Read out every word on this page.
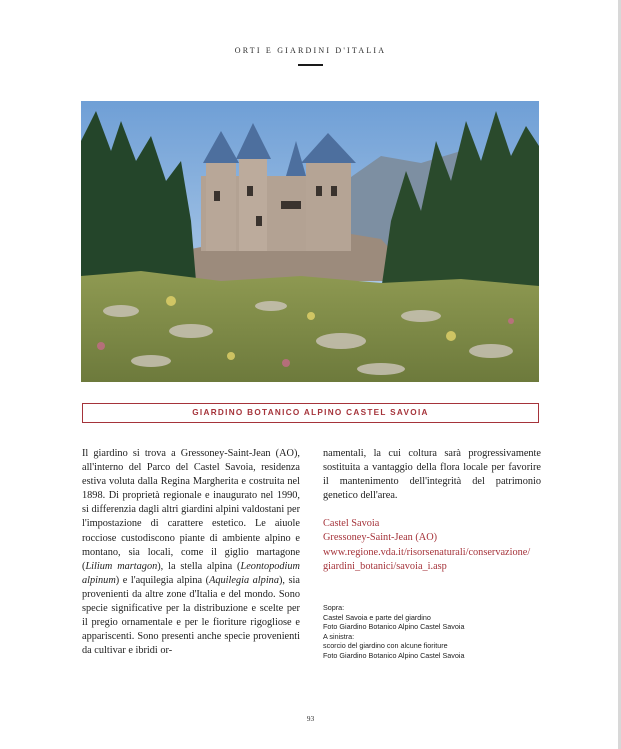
ORTI E GIARDINI D'ITALIA
GIARDINO BOTANICO ALPINO CASTEL SAVOIA

Il giardino si trova a Gressoney-Saint-Jean (AO), all'interno del Parco del Castel Savoia, residenza estiva voluta dalla Regina Margherita e costruita nel 1898. Di proprietà regionale e inaugurato nel 1990, si differenzia dagli altri giardini alpini valdostani per l'impostazione di carattere estetico. Le aiuole rocciose custodiscono piante di ambiente alpino e montano, sia locali, come il giglio martagone (Lilium martagon), la stella alpina (Leontopodium alpinum) e l'aquilegia alpina (Aquilegia alpina), sia provenienti da altre zone d'Italia e del mondo. Sono specie significative per la distribuzione e scelte per il pregio ornamentale e per le fioriture rigogliose e appariscenti. Sono presenti anche specie provenienti da cultivar e ibridi or-

namentali, la cui coltura sarà progressivamente sostituita a vantaggio della flora locale per favorire il mantenimento dell'integrità del patrimonio genetico dell'area.

Castel Savoia
Gressoney-Saint-Jean (AO)
www.regione.vda.it/risorsenaturali/conservazione/
giardini_botanici/savoia_i.asp
Sopra:
Castel Savoia e parte del giardino
Foto Giardino Botanico Alpino Castel Savoia
A sinistra:
scorcio del giardino con alcune fioriture
Foto Giardino Botanico Alpino Castel Savoia
93
